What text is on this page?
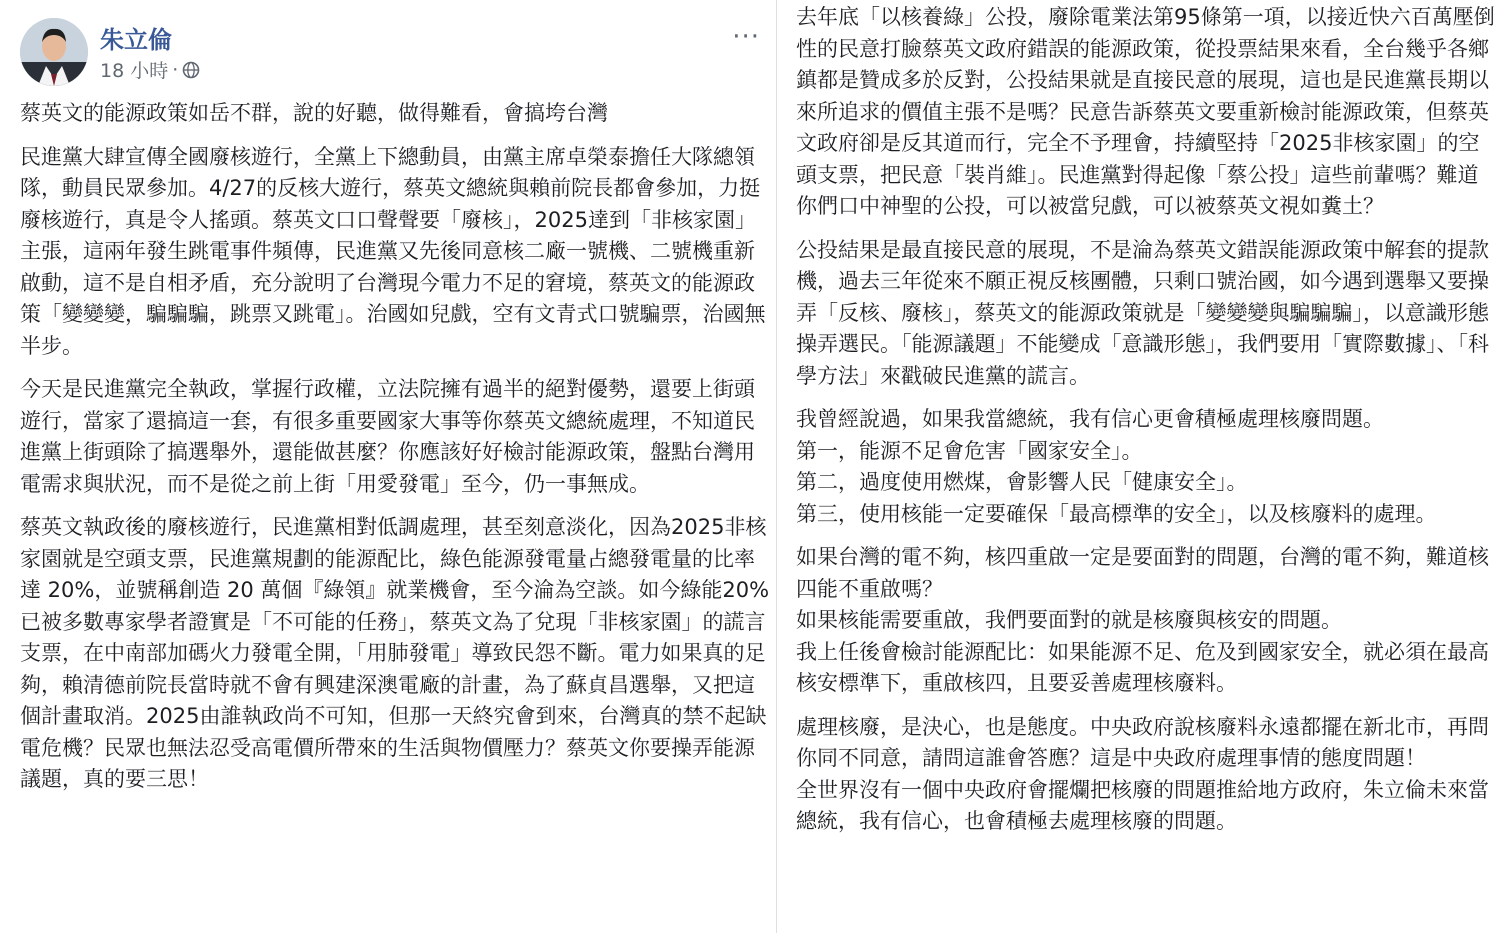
朱立倫
18 小時 ·
···

蔡英文的能源政策如岳不群，說的好聽，做得難看，會搞垮台灣

民進黨大肆宣傳全國廢核遊行，全黨上下總動員，由黨主席卓榮泰擔任大隊總領隊，動員民眾參加。4/27的反核大遊行，蔡英文總統與賴前院長都會參加，力挺廢核遊行，真是令人搖頭。蔡英文口口聲聲要「廢核」，2025達到「非核家園」主張，這兩年發生跳電事件頻傳，民進黨又先後同意核二廠一號機、二號機重新啟動，這不是自相矛盾，充分說明了台灣現今電力不足的窘境，蔡英文的能源政策「變變變，騙騙騙，跳票又跳電」。治國如兒戲，空有文青式口號騙票，治國無半步。

今天是民進黨完全執政，掌握行政權，立法院擁有過半的絕對優勢，還要上街頭遊行，當家了還搞這一套，有很多重要國家大事等你蔡英文總統處理，不知道民進黨上街頭除了搞選舉外，還能做甚麼？你應該好好檢討能源政策，盤點台灣用電需求與狀況，而不是從之前上街「用愛發電」至今，仍一事無成。

蔡英文執政後的廢核遊行，民進黨相對低調處理，甚至刻意淡化，因為2025非核家園就是空頭支票，民進黨規劃的能源配比，綠色能源發電量占總發電量的比率達 20%，並號稱創造 20 萬個『綠領』就業機會，至今淪為空談。如今綠能20%已被多數專家學者證實是「不可能的任務」，蔡英文為了兌現「非核家園」的謊言支票，在中南部加碼火力發電全開，「用肺發電」導致民怨不斷。電力如果真的足夠，賴清德前院長當時就不會有興建深澳電廠的計畫，為了蘇貞昌選舉，又把這個計畫取消。2025由誰執政尚不可知，但那一天終究會到來，台灣真的禁不起缺電危機？民眾也無法忍受高電價所帶來的生活與物價壓力？蔡英文你要操弄能源議題，真的要三思！

去年底「以核養綠」公投，廢除電業法第95條第一項，以接近快六百萬壓倒性的民意打臉蔡英文政府錯誤的能源政策，從投票結果來看，全台幾乎各鄉鎮都是贊成多於反對，公投結果就是直接民意的展現，這也是民進黨長期以來所追求的價值主張不是嗎？民意告訴蔡英文要重新檢討能源政策，但蔡英文政府卻是反其道而行，完全不予理會，持續堅持「2025非核家園」的空頭支票，把民意「裝肖維」。民進黨對得起像「蔡公投」這些前輩嗎？難道你們口中神聖的公投，可以被當兒戲，可以被蔡英文視如糞土？

公投結果是最直接民意的展現，不是淪為蔡英文錯誤能源政策中解套的提款機，過去三年從來不願正視反核團體，只剩口號治國，如今遇到選舉又要操弄「反核、廢核」，蔡英文的能源政策就是「變變變與騙騙騙」，以意識形態操弄選民。「能源議題」不能變成「意識形態」，我們要用「實際數據」、「科學方法」來戳破民進黨的謊言。

我曾經說過，如果我當總統，我有信心更會積極處理核廢問題。
第一，能源不足會危害「國家安全」。
第二，過度使用燃煤，會影響人民「健康安全」。
第三，使用核能一定要確保「最高標準的安全」，以及核廢料的處理。

如果台灣的電不夠，核四重啟一定是要面對的問題，台灣的電不夠，難道核四能不重啟嗎？
如果核能需要重啟，我們要面對的就是核廢與核安的問題。
我上任後會檢討能源配比：如果能源不足、危及到國家安全，就必須在最高核安標準下，重啟核四，且要妥善處理核廢料。

處理核廢，是決心，也是態度。中央政府說核廢料永遠都擺在新北市，再問你同不同意，請問這誰會答應？這是中央政府處理事情的態度問題！
全世界沒有一個中央政府會擺爛把核廢的問題推給地方政府，朱立倫未來當總統，我有信心，也會積極去處理核廢的問題。
